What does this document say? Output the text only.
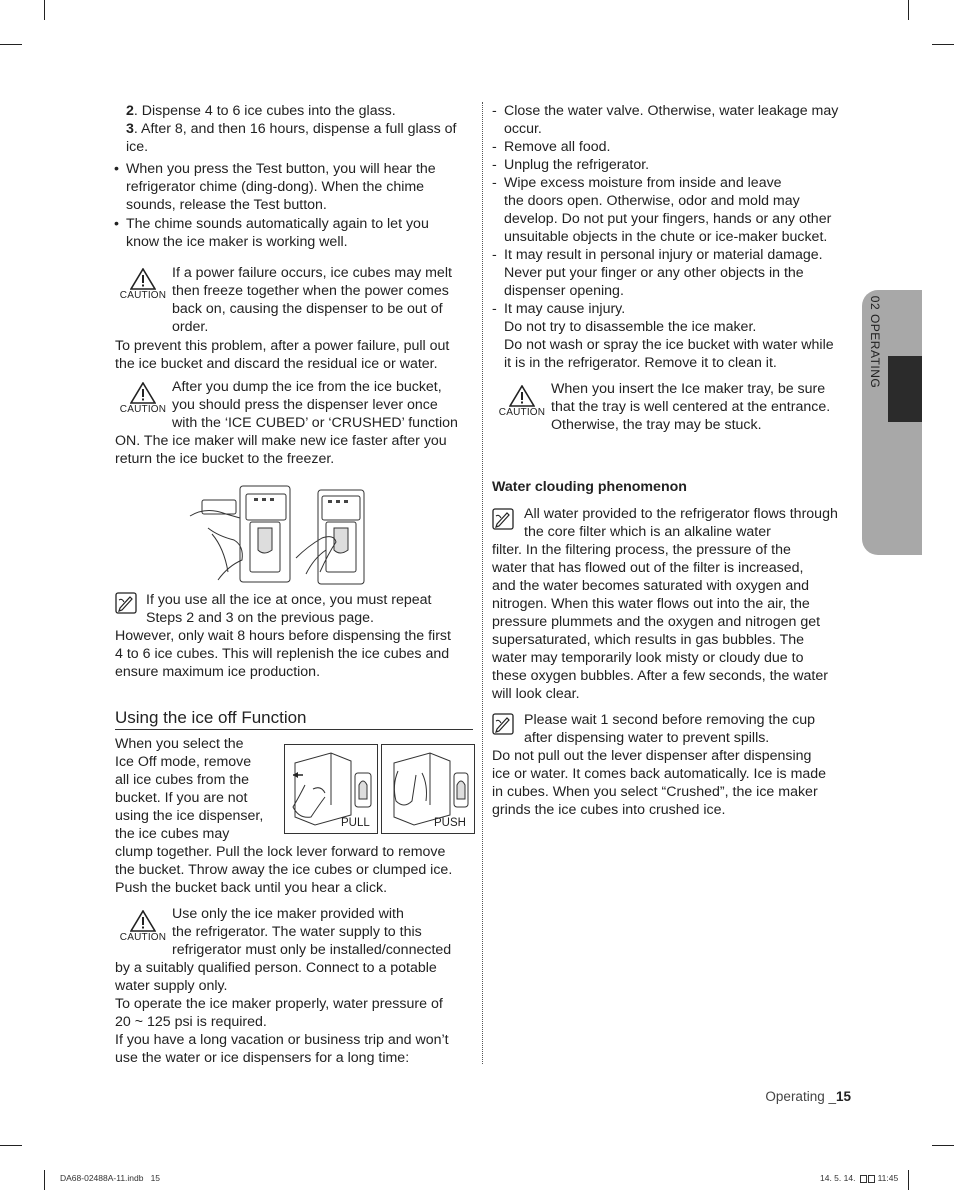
02 OPERATING
2. Dispense 4 to 6 ice cubes into the glass.
3. After 8, and then 16 hours, dispense a full glass of
ice.
• When you press the Test button, you will hear the
refrigerator chime (ding-dong). When the chime
sounds, release the Test button.
• The chime sounds automatically again to let you
know the ice maker is working well.
CAUTION
If a power failure occurs, ice cubes may melt
then freeze together when the power comes
back on, causing the dispenser to be out of
order.
To prevent this problem, after a power failure, pull out
the ice bucket and discard the residual ice or water.
CAUTION
After you dump the ice from the ice bucket,
you should press the dispenser lever once
with the ‘ICE CUBED’ or ‘CRUSHED’ function
ON. The ice maker will make new ice faster after you
return the ice bucket to the freezer.
If you use all the ice at once, you must repeat
Steps 2 and 3 on the previous page.
However, only wait 8 hours before dispensing the first
4 to 6 ice cubes. This will replenish the ice cubes and
ensure maximum ice production.
Using the ice off Function
When you select the
Ice Off mode, remove
all ice cubes from the
bucket. If you are not
using the ice dispenser,
the ice cubes may
PULL	PUSH
clump together. Pull the lock lever forward to remove
the bucket. Throw away the ice cubes or clumped ice.
Push the bucket back until you hear a click.
CAUTION
Use only the ice maker provided with
the refrigerator. The water supply to this
refrigerator must only be installed/connected
by a suitably qualified person. Connect to a potable
water supply only.
To operate the ice maker properly, water pressure of
20 ~ 125 psi is required.
If you have a long vacation or business trip and won’t
use the water or ice dispensers for a long time:
- Close the water valve. Otherwise, water leakage may
occur.
- Remove all food.
- Unplug the refrigerator.
- Wipe excess moisture from inside and leave
the doors open. Otherwise, odor and mold may
develop. Do not put your fingers, hands or any other
unsuitable objects in the chute or ice-maker bucket.
- It may result in personal injury or material damage.
Never put your finger or any other objects in the
dispenser opening.
- It may cause injury.
Do not try to disassemble the ice maker.
Do not wash or spray the ice bucket with water while
it is in the refrigerator. Remove it to clean it.
CAUTION
When you insert the Ice maker tray, be sure
that the tray is well centered at the entrance.
Otherwise, the tray may be stuck.
Water clouding phenomenon
All water provided to the refrigerator flows through
the core filter which is an alkaline water
filter. In the filtering process, the pressure of the
water that has flowed out of the filter is increased,
and the water becomes saturated with oxygen and
nitrogen. When this water flows out into the air, the
pressure plummets and the oxygen and nitrogen get
supersaturated, which results in gas bubbles. The
water may temporarily look misty or cloudy due to
these oxygen bubbles. After a few seconds, the water
will look clear.
Please wait 1 second before removing the cup
after dispensing water to prevent spills.
Do not pull out the lever dispenser after dispensing
ice or water. It comes back automatically. Ice is made
in cubes. When you select “Crushed”, the ice maker
grinds the ice cubes into crushed ice.
Operating _15
DA68-02488A-11.indb   15	14. 5. 14.	11:45
